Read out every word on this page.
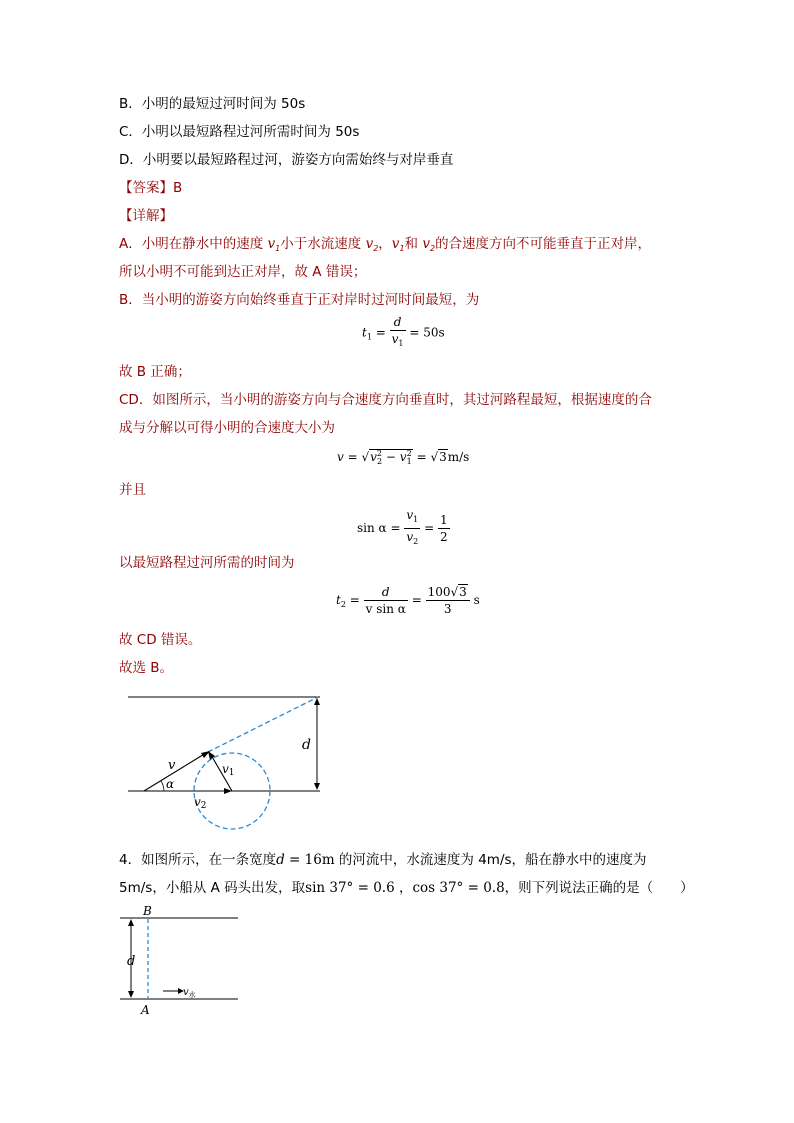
B．小明的最短过河时间为 50s
C．小明以最短路程过河所需时间为 50s
D．小明要以最短路程过河，游姿方向需始终与对岸垂直
【答案】B
【详解】
A．小明在静水中的速度 $v_1$小于水流速度 $v_2$，$v_1$和 $v_2$的合速度方向不可能垂直于正对岸，
所以小明不可能到达正对岸，故 A 错误；
B．当小明的游姿方向始终垂直于正对岸时过河时间最短，为
$t_1 = \frac{d}{v_1} = 50s$
故 B 正确；
CD．如图所示，当小明的游姿方向与合速度方向垂直时，其过河路程最短，根据速度的合
成与分解以可得小明的合速度大小为
$v = √v^2_2 - v^2_1 = √3m/s$
并且
$\sin \alpha = \frac{v_1}{v_2} = \frac{1}{2}$
以最短路程过河所需的时间为
$t_2 = \frac{d}{\text{v sin α}} = \frac{100√3}{3}$ s
故 CD 错误。
故选 B。
v	v1
v2
α
d
4．如图所示，在一条宽度d = 16m 的河流中，水流速度为 4m/s，船在静水中的速度为
5m/s，小船从 A 码头出发，取sin 37° = 0.6 ，cos 37° = 0.8，则下列说法正确的是（　　）
B
A
d
$v_水$
